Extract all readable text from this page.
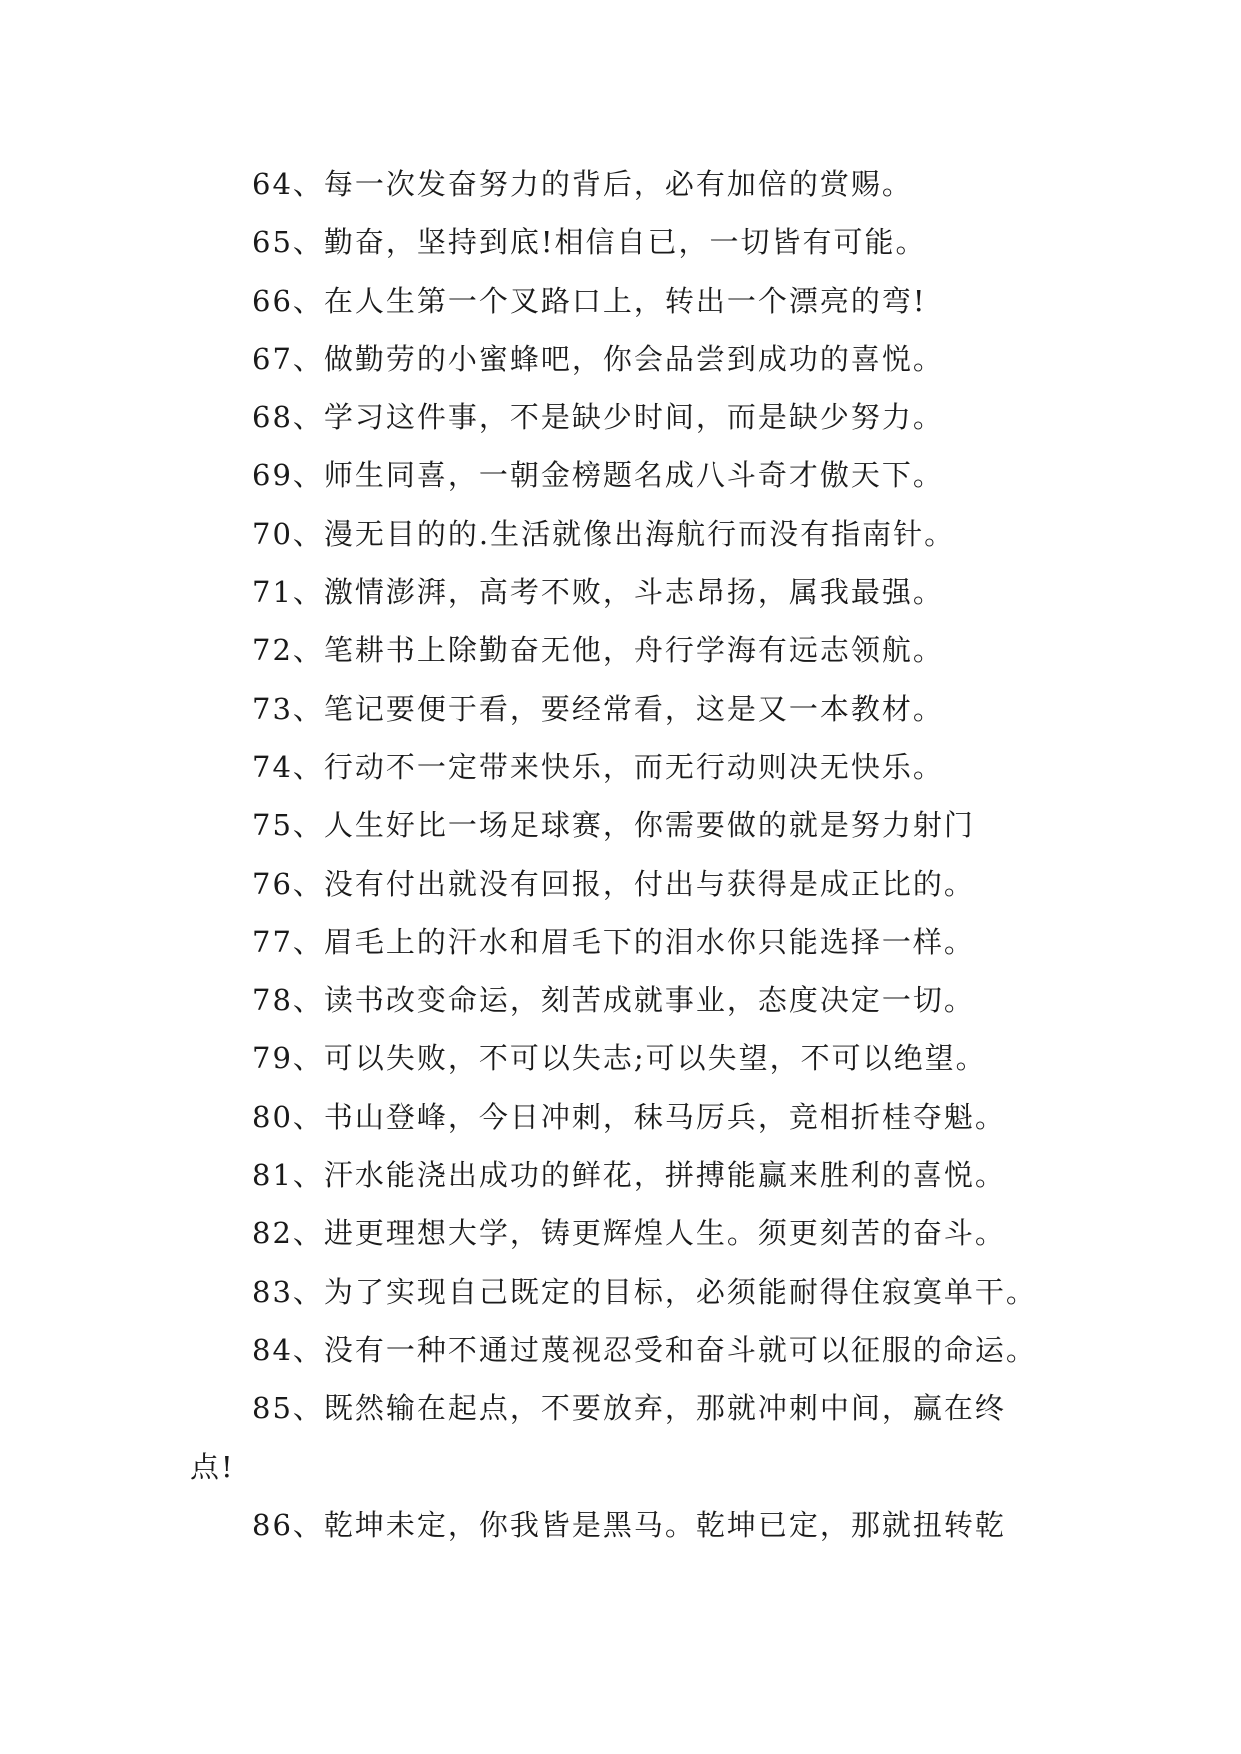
64、每一次发奋努力的背后，必有加倍的赏赐。
65、勤奋，坚持到底!相信自已，一切皆有可能。
66、在人生第一个叉路口上，转出一个漂亮的弯!
67、做勤劳的小蜜蜂吧，你会品尝到成功的喜悦。
68、学习这件事，不是缺少时间，而是缺少努力。
69、师生同喜，一朝金榜题名成八斗奇才傲天下。
70、漫无目的的.生活就像出海航行而没有指南针。
71、激情澎湃，高考不败，斗志昂扬，属我最强。
72、笔耕书上除勤奋无他，舟行学海有远志领航。
73、笔记要便于看，要经常看，这是又一本教材。
74、行动不一定带来快乐，而无行动则决无快乐。
75、人生好比一场足球赛，你需要做的就是努力射门
76、没有付出就没有回报，付出与获得是成正比的。
77、眉毛上的汗水和眉毛下的泪水你只能选择一样。
78、读书改变命运，刻苦成就事业，态度决定一切。
79、可以失败，不可以失志;可以失望，不可以绝望。
80、书山登峰，今日冲刺，秣马厉兵，竞相折桂夺魁。
81、汗水能浇出成功的鲜花，拼搏能赢来胜利的喜悦。
82、进更理想大学，铸更辉煌人生。须更刻苦的奋斗。
83、为了实现自己既定的目标，必须能耐得住寂寞单干。
84、没有一种不通过蔑视忍受和奋斗就可以征服的命运。
85、既然输在起点，不要放弃，那就冲刺中间，赢在终
点!
86、乾坤未定，你我皆是黑马。乾坤已定，那就扭转乾
